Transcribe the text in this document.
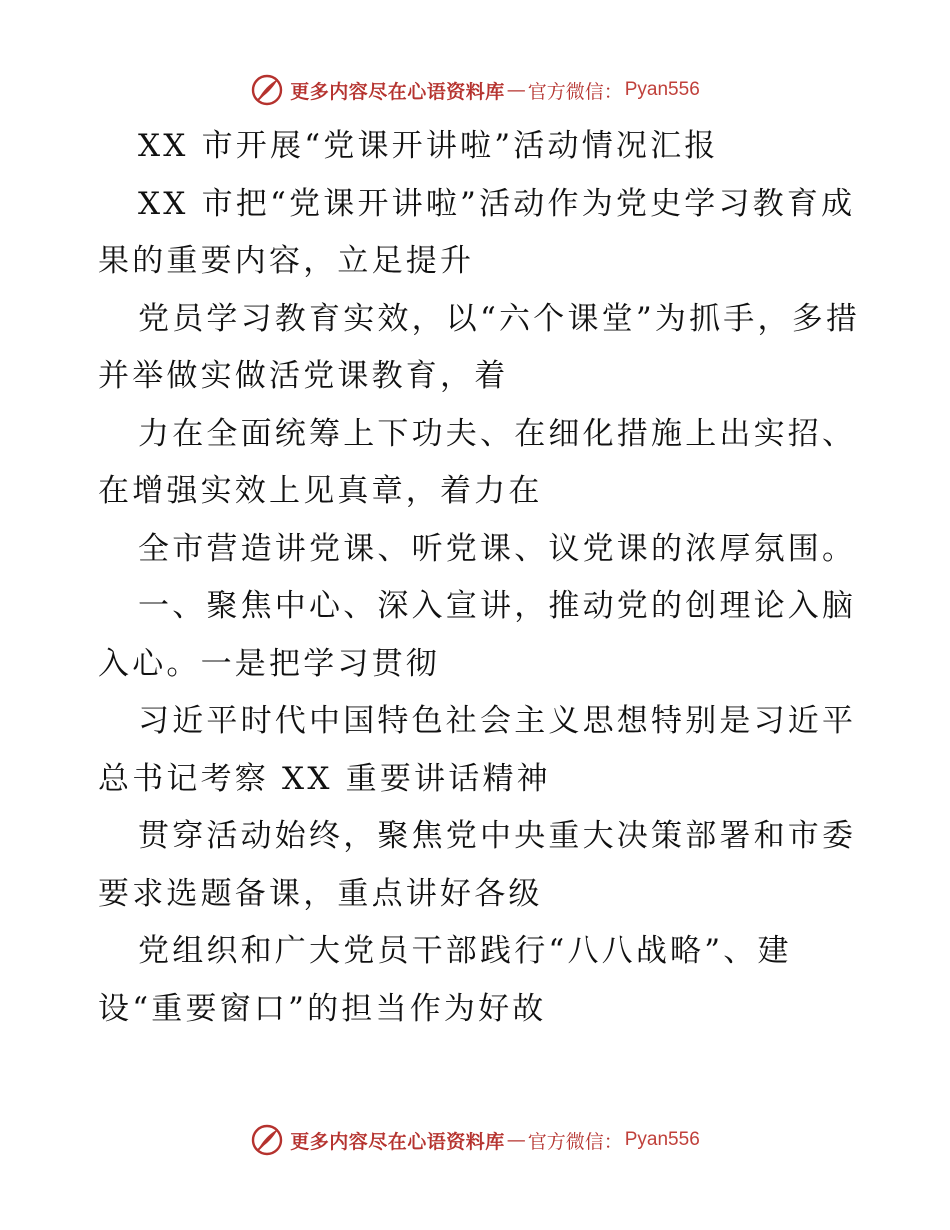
更多内容尽在心语资料库 — 官方微信： Pyan556

XX 市开展“党课开讲啦”活动情况汇报

XX 市把“党课开讲啦”活动作为党史学习教育成果的重要内容，立足提升

党员学习教育实效，以“六个课堂”为抓手，多措并举做实做活党课教育，着

力在全面统筹上下功夫、在细化措施上出实招、在增强实效上见真章，着力在

全市营造讲党课、听党课、议党课的浓厚氛围。

一、聚焦中心、深入宣讲，推动党的创理论入脑入心。一是把学习贯彻

习近平时代中国特色社会主义思想特别是习近平总书记考察 XX 重要讲话精神

贯穿活动始终，聚焦党中央重大决策部署和市委要求选题备课，重点讲好各级

党组织和广大党员干部践行“八八战略”、建设“重要窗口”的担当作为好故

更多内容尽在心语资料库 — 官方微信： Pyan556
